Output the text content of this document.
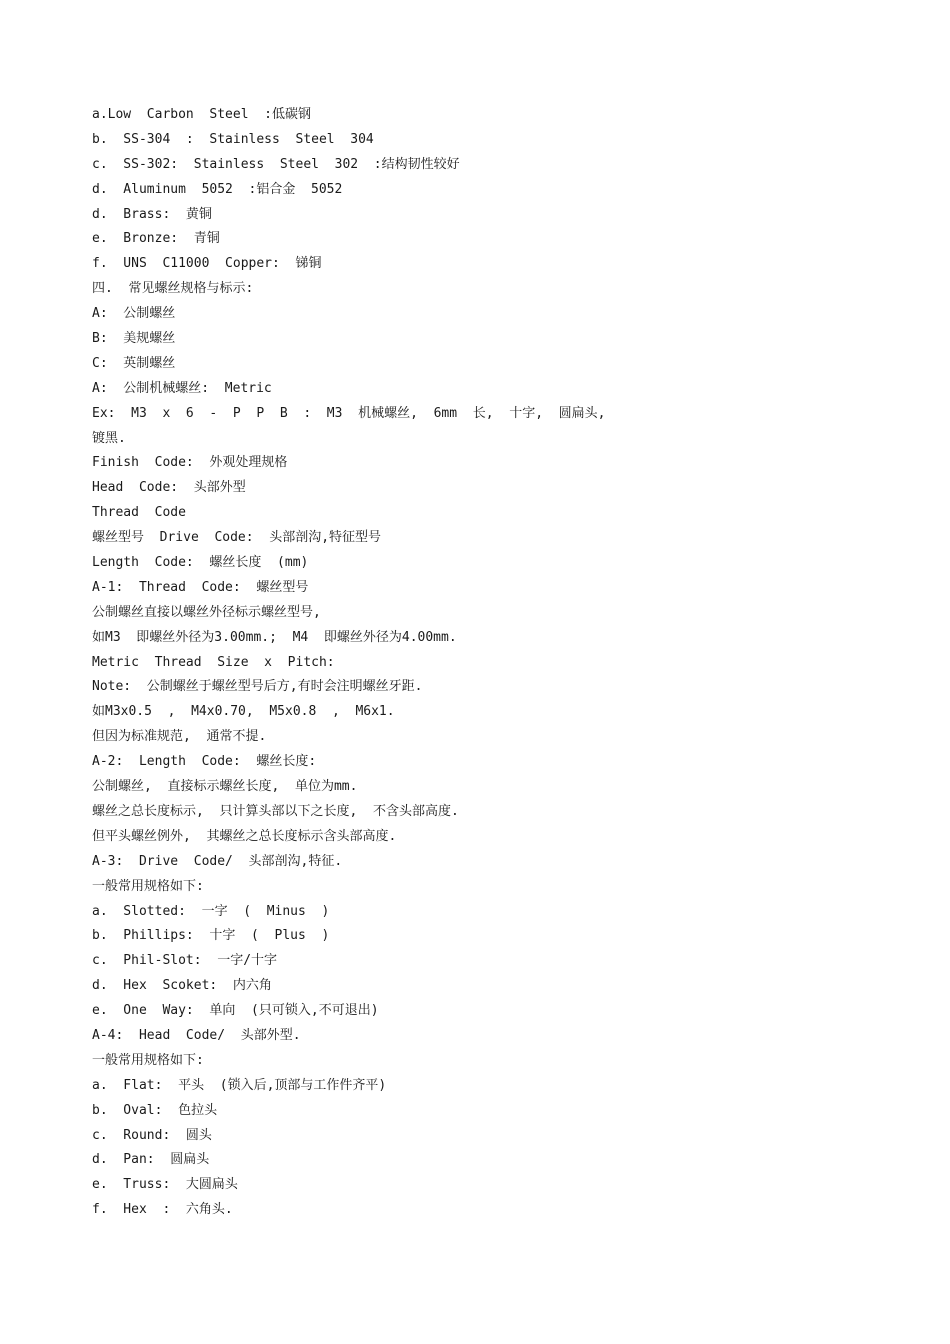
a.Low  Carbon  Steel  :低碳钢
b.  SS-304  :  Stainless  Steel  304
c.  SS-302:  Stainless  Steel  302  :结构韧性较好
d.  Aluminum  5052  :铝合金  5052
d.  Brass:  黄铜
e.  Bronze:  青铜
f.  UNS  C11000  Copper:  锑铜
四.  常见螺丝规格与标示:
A:  公制螺丝
B:  美规螺丝
C:  英制螺丝
A:  公制机械螺丝:  Metric
Ex:  M3  x  6  -  P  P  B  :  M3  机械螺丝,  6mm  长,  十字,  圆扁头,
镀黑.
Finish  Code:  外观处理规格
Head  Code:  头部外型
Thread  Code
螺丝型号  Drive  Code:  头部剖沟,特征型号
Length  Code:  螺丝长度  (mm)
A-1:  Thread  Code:  螺丝型号
公制螺丝直接以螺丝外径标示螺丝型号,
如M3  即螺丝外径为3.00mm.;  M4  即螺丝外径为4.00mm.
Metric  Thread  Size  x  Pitch:
Note:  公制螺丝于螺丝型号后方,有时会注明螺丝牙距.
如M3x0.5  ,  M4x0.70,  M5x0.8  ,  M6x1.
但因为标准规范,  通常不提.
A-2:  Length  Code:  螺丝长度:
公制螺丝,  直接标示螺丝长度,  单位为mm.
螺丝之总长度标示,  只计算头部以下之长度,  不含头部高度.
但平头螺丝例外,  其螺丝之总长度标示含头部高度.
A-3:  Drive  Code/  头部剖沟,特征.
一般常用规格如下:
a.  Slotted:  一字  (  Minus  )
b.  Phillips:  十字  (  Plus  )
c.  Phil-Slot:  一字/十字
d.  Hex  Scoket:  内六角
e.  One  Way:  单向  (只可锁入,不可退出)
A-4:  Head  Code/  头部外型.
一般常用规格如下:
a.  Flat:  平头  (锁入后,顶部与工作件齐平)
b.  Oval:  色拉头
c.  Round:  圆头
d.  Pan:  圆扁头
e.  Truss:  大圆扁头
f.  Hex  :  六角头.
